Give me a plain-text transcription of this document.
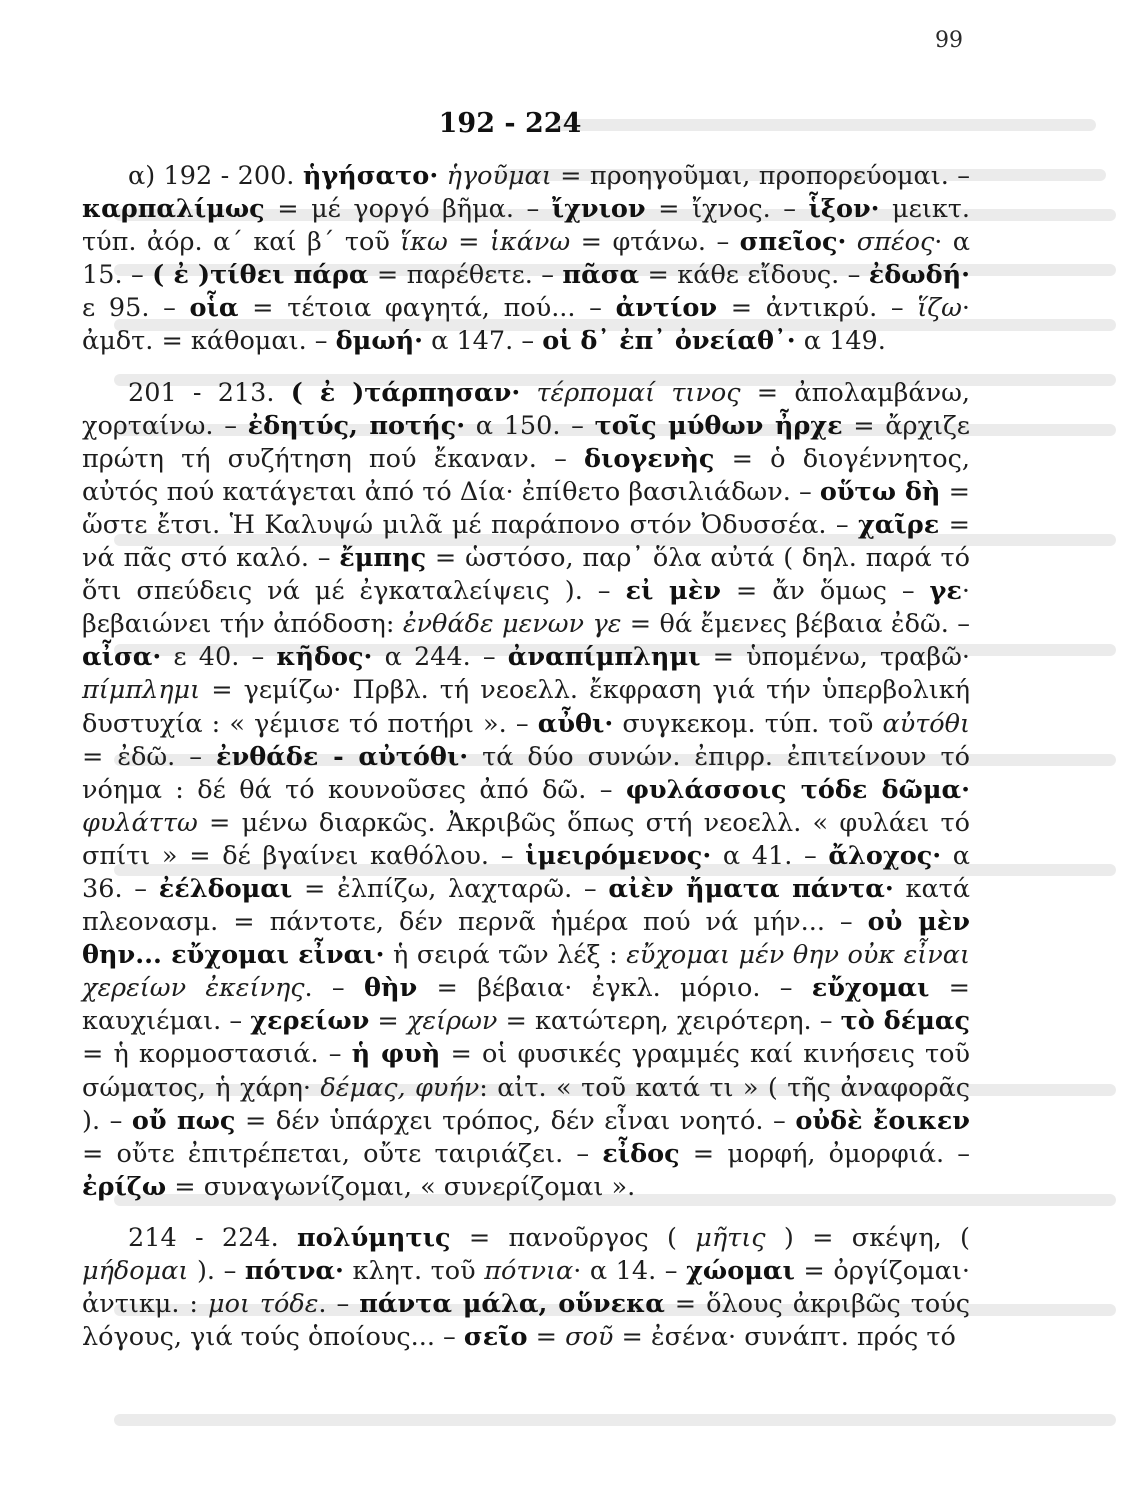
99
192 - 224

α) 192 - 200. ἡγήσατο· ἡγοῦμαι = προηγοῦμαι, προπορεύομαι. – καρπαλίμως = μέ γοργό βῆμα. – ἴχνιον = ἴχνος. – ἷξον· μεικτ. τύπ. ἀόρ. α΄ καί β΄ τοῦ ἵκω = ἱκάνω = φτάνω. – σπεῖος· σπέος· α 15. – ( ἐ )τίθει πάρα = παρέθετε. – πᾶσα = κάθε εἴδους. – ἐδωδή· ε 95. – οἷα = τέτοια φαγητά, πού... – ἀντίον = ἀντικρύ. – ἵζω· ἀμδτ. = κάθομαι. – δμωή· α 147. – οἱ δ᾽ ἐπ᾽ ὀνείαθ᾽· α 149.

201 - 213. ( ἐ )τάρπησαν· τέρπομαί τινος = ἀπολαμβάνω, χορταίνω. – ἐδητύς, ποτής· α 150. – τοῖς μύθων ἦρχε = ἄρχιζε πρώτη τή συζήτηση πού ἔκαναν. – διογενὴς = ὁ διογέννητος, αὐτός πού κατάγεται ἀπό τό Δία· ἐπίθετο βασιλιάδων. – οὕτω δὴ = ὥστε ἔτσι. Ἡ Καλυψώ μιλᾶ μέ παράπονο στόν Ὀδυσσέα. – χαῖρε = νά πᾶς στό καλό. – ἔμπης = ὡστόσο, παρ᾽ ὅλα αὐτά ( δηλ. παρά τό ὅτι σπεύδεις νά μέ ἐγκαταλείψεις ). – εἰ μὲν = ἄν ὅμως – γε· βεβαιώνει τήν ἀπόδοση: ἐνθάδε μενων γε = θά ἔμενες βέβαια ἐδῶ. – αἶσα· ε 40. – κῆδος· α 244. – ἀναπίμπλημι = ὑπομένω, τραβῶ· πίμπλημι = γεμίζω· Πρβλ. τή νεοελλ. ἔκφραση γιά τήν ὑπερβολική δυστυχία : « γέμισε τό ποτήρι ». – αὖθι· συγκεκομ. τύπ. τοῦ αὐτόθι = ἐδῶ. – ἐνθάδε - αὐτόθι· τά δύο συνών. ἐπιρρ. ἐπιτείνουν τό νόημα : δέ θά τό κουνοῦσες ἀπό δῶ. – φυλάσσοις τόδε δῶμα· φυλάττω = μένω διαρκῶς. Ἀκριβῶς ὅπως στή νεοελλ. « φυλάει τό σπίτι » = δέ βγαίνει καθόλου. – ἱμειρόμενος· α 41. – ἄλοχος· α 36. – ἐέλδομαι = ἐλπίζω, λαχταρῶ. – αἰὲν ἤματα πάντα· κατά πλεονασμ. = πάντοτε, δέν περνᾶ ἡμέρα πού νά μήν... – οὐ μὲν θην... εὔχομαι εἶναι· ἡ σειρά τῶν λέξ : εὔχομαι μέν θην οὐκ εἶναι χερείων ἐκείνης. – θὴν = βέβαια· ἐγκλ. μόριο. – εὔχομαι = καυχιέμαι. – χερείων = χείρων = κατώτερη, χειρότερη. – τὸ δέμας = ἡ κορμοστασιά. – ἡ φυὴ = οἱ φυσικές γραμμές καί κινήσεις τοῦ σώματος, ἡ χάρη· δέμας, φυήν: αἰτ. « τοῦ κατά τι » ( τῆς ἀναφορᾶς ). – οὔ πως = δέν ὑπάρχει τρόπος, δέν εἶναι νοητό. – οὐδὲ ἔοικεν = οὔτε ἐπιτρέπεται, οὔτε ταιριάζει. – εἶδος = μορφή, ὀμορφιά. – ἐρίζω = συναγωνίζομαι, « συνερίζομαι ».

214 - 224. πολύμητις = πανοῦργος ( μῆτις ) = σκέψη, ( μήδομαι ). – πότνα· κλητ. τοῦ πότνια· α 14. – χώομαι = ὀργίζομαι· ἀντικμ. : μοι τόδε. – πάντα μάλα, οὕνεκα = ὅλους ἀκριβῶς τούς λόγους, γιά τούς ὁποίους... – σεῖο = σοῦ = ἐσένα· συνάπτ. πρός τό
